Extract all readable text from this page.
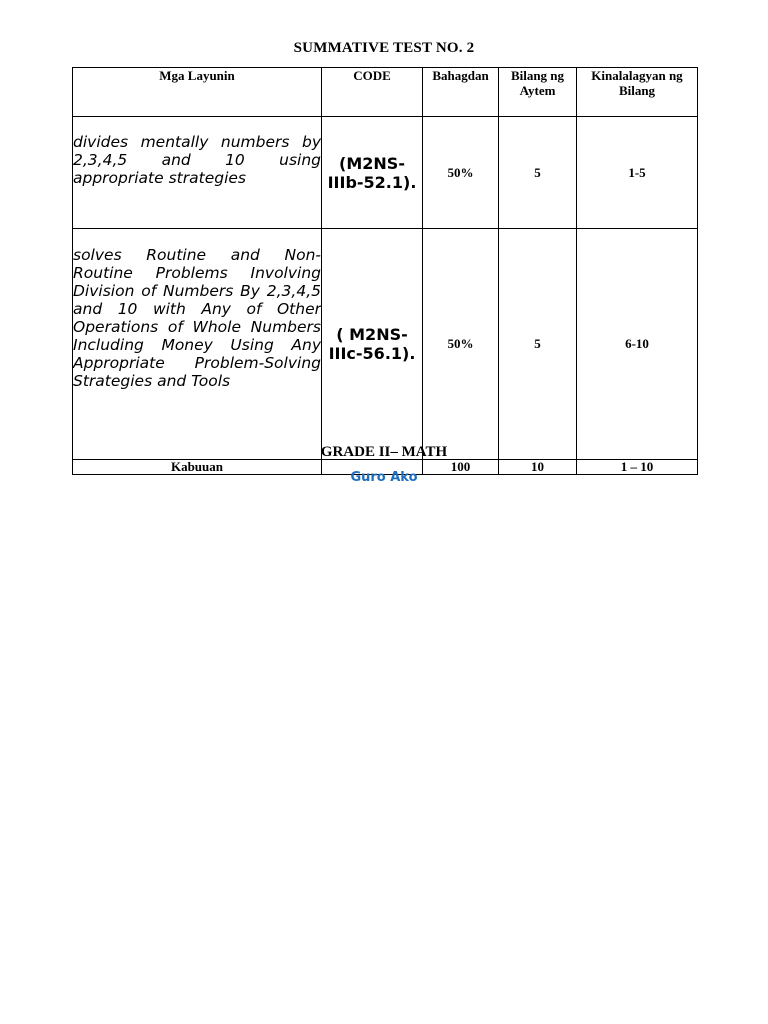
SUMMATIVE TEST NO. 2
Mga Layunin	CODE	Bahagdan	Bilang ng Aytem	Kinalalagyan ng Bilang
divides mentally numbers by 2,3,4,5 and 10 using appropriate strategies	(M2NS-IIIb-52.1).	50%	5	1-5
solves Routine and Non-Routine Problems Involving Division of Numbers By 2,3,4,5 and 10 with Any of Other Operations of Whole Numbers Including Money Using Any Appropriate Problem-Solving Strategies and Tools	( M2NS-IIIc-56.1).	50%	5	6-10
Kabuuan		100	10	1 – 10
GRADE II– MATH
Guro Ako
